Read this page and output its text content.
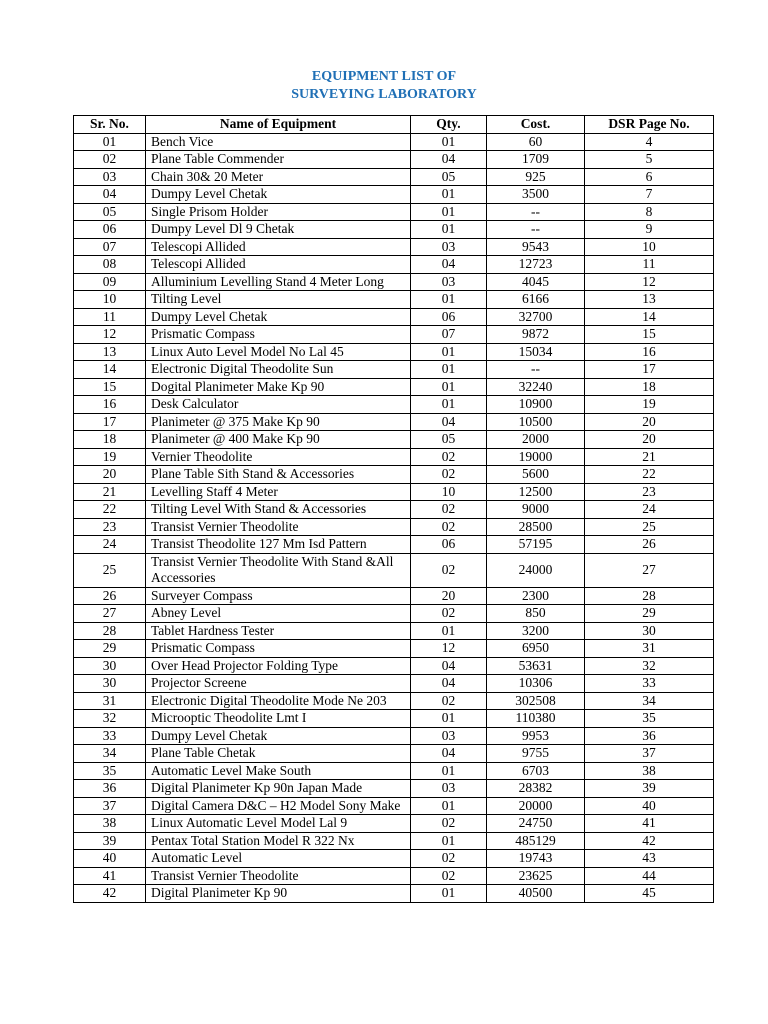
EQUIPMENT LIST OF
SURVEYING LABORATORY
Sr. No.	Name of Equipment	Qty.	Cost.	DSR Page No.
01	Bench Vice	01	60	4
02	Plane Table Commender	04	1709	5
03	Chain 30& 20 Meter	05	925	6
04	Dumpy Level Chetak	01	3500	7
05	Single Prisom Holder	01	--	8
06	Dumpy Level Dl 9 Chetak	01	--	9
07	Telescopi Allided	03	9543	10
08	Telescopi Allided	04	12723	11
09	Alluminium Levelling Stand 4 Meter Long	03	4045	12
10	Tilting Level	01	6166	13
11	Dumpy Level Chetak	06	32700	14
12	Prismatic Compass	07	9872	15
13	Linux Auto Level Model No Lal 45	01	15034	16
14	Electronic Digital Theodolite Sun	01	--	17
15	Dogital Planimeter Make Kp 90	01	32240	18
16	Desk Calculator	01	10900	19
17	Planimeter @ 375 Make Kp 90	04	10500	20
18	Planimeter @ 400 Make Kp 90	05	2000	20
19	Vernier Theodolite	02	19000	21
20	Plane Table Sith Stand & Accessories	02	5600	22
21	Levelling Staff 4 Meter	10	12500	23
22	Tilting Level With Stand & Accessories	02	9000	24
23	Transist Vernier Theodolite	02	28500	25
24	Transist Theodolite 127 Mm Isd Pattern	06	57195	26
25	Transist Vernier Theodolite With Stand &All Accessories	02	24000	27
26	Surveyer Compass	20	2300	28
27	Abney Level	02	850	29
28	Tablet Hardness Tester	01	3200	30
29	Prismatic Compass	12	6950	31
30	Over Head Projector Folding Type	04	53631	32
30	Projector Screene	04	10306	33
31	Electronic Digital Theodolite Mode Ne 203	02	302508	34
32	Microoptic Theodolite Lmt I	01	110380	35
33	Dumpy Level Chetak	03	9953	36
34	Plane Table Chetak	04	9755	37
35	Automatic Level Make South	01	6703	38
36	Digital Planimeter Kp 90n Japan Made	03	28382	39
37	Digital Camera D&C – H2 Model Sony Make	01	20000	40
38	Linux Automatic Level Model Lal 9	02	24750	41
39	Pentax Total Station Model R 322 Nx	01	485129	42
40	Automatic Level	02	19743	43
41	Transist Vernier Theodolite	02	23625	44
42	Digital Planimeter Kp 90	01	40500	45
